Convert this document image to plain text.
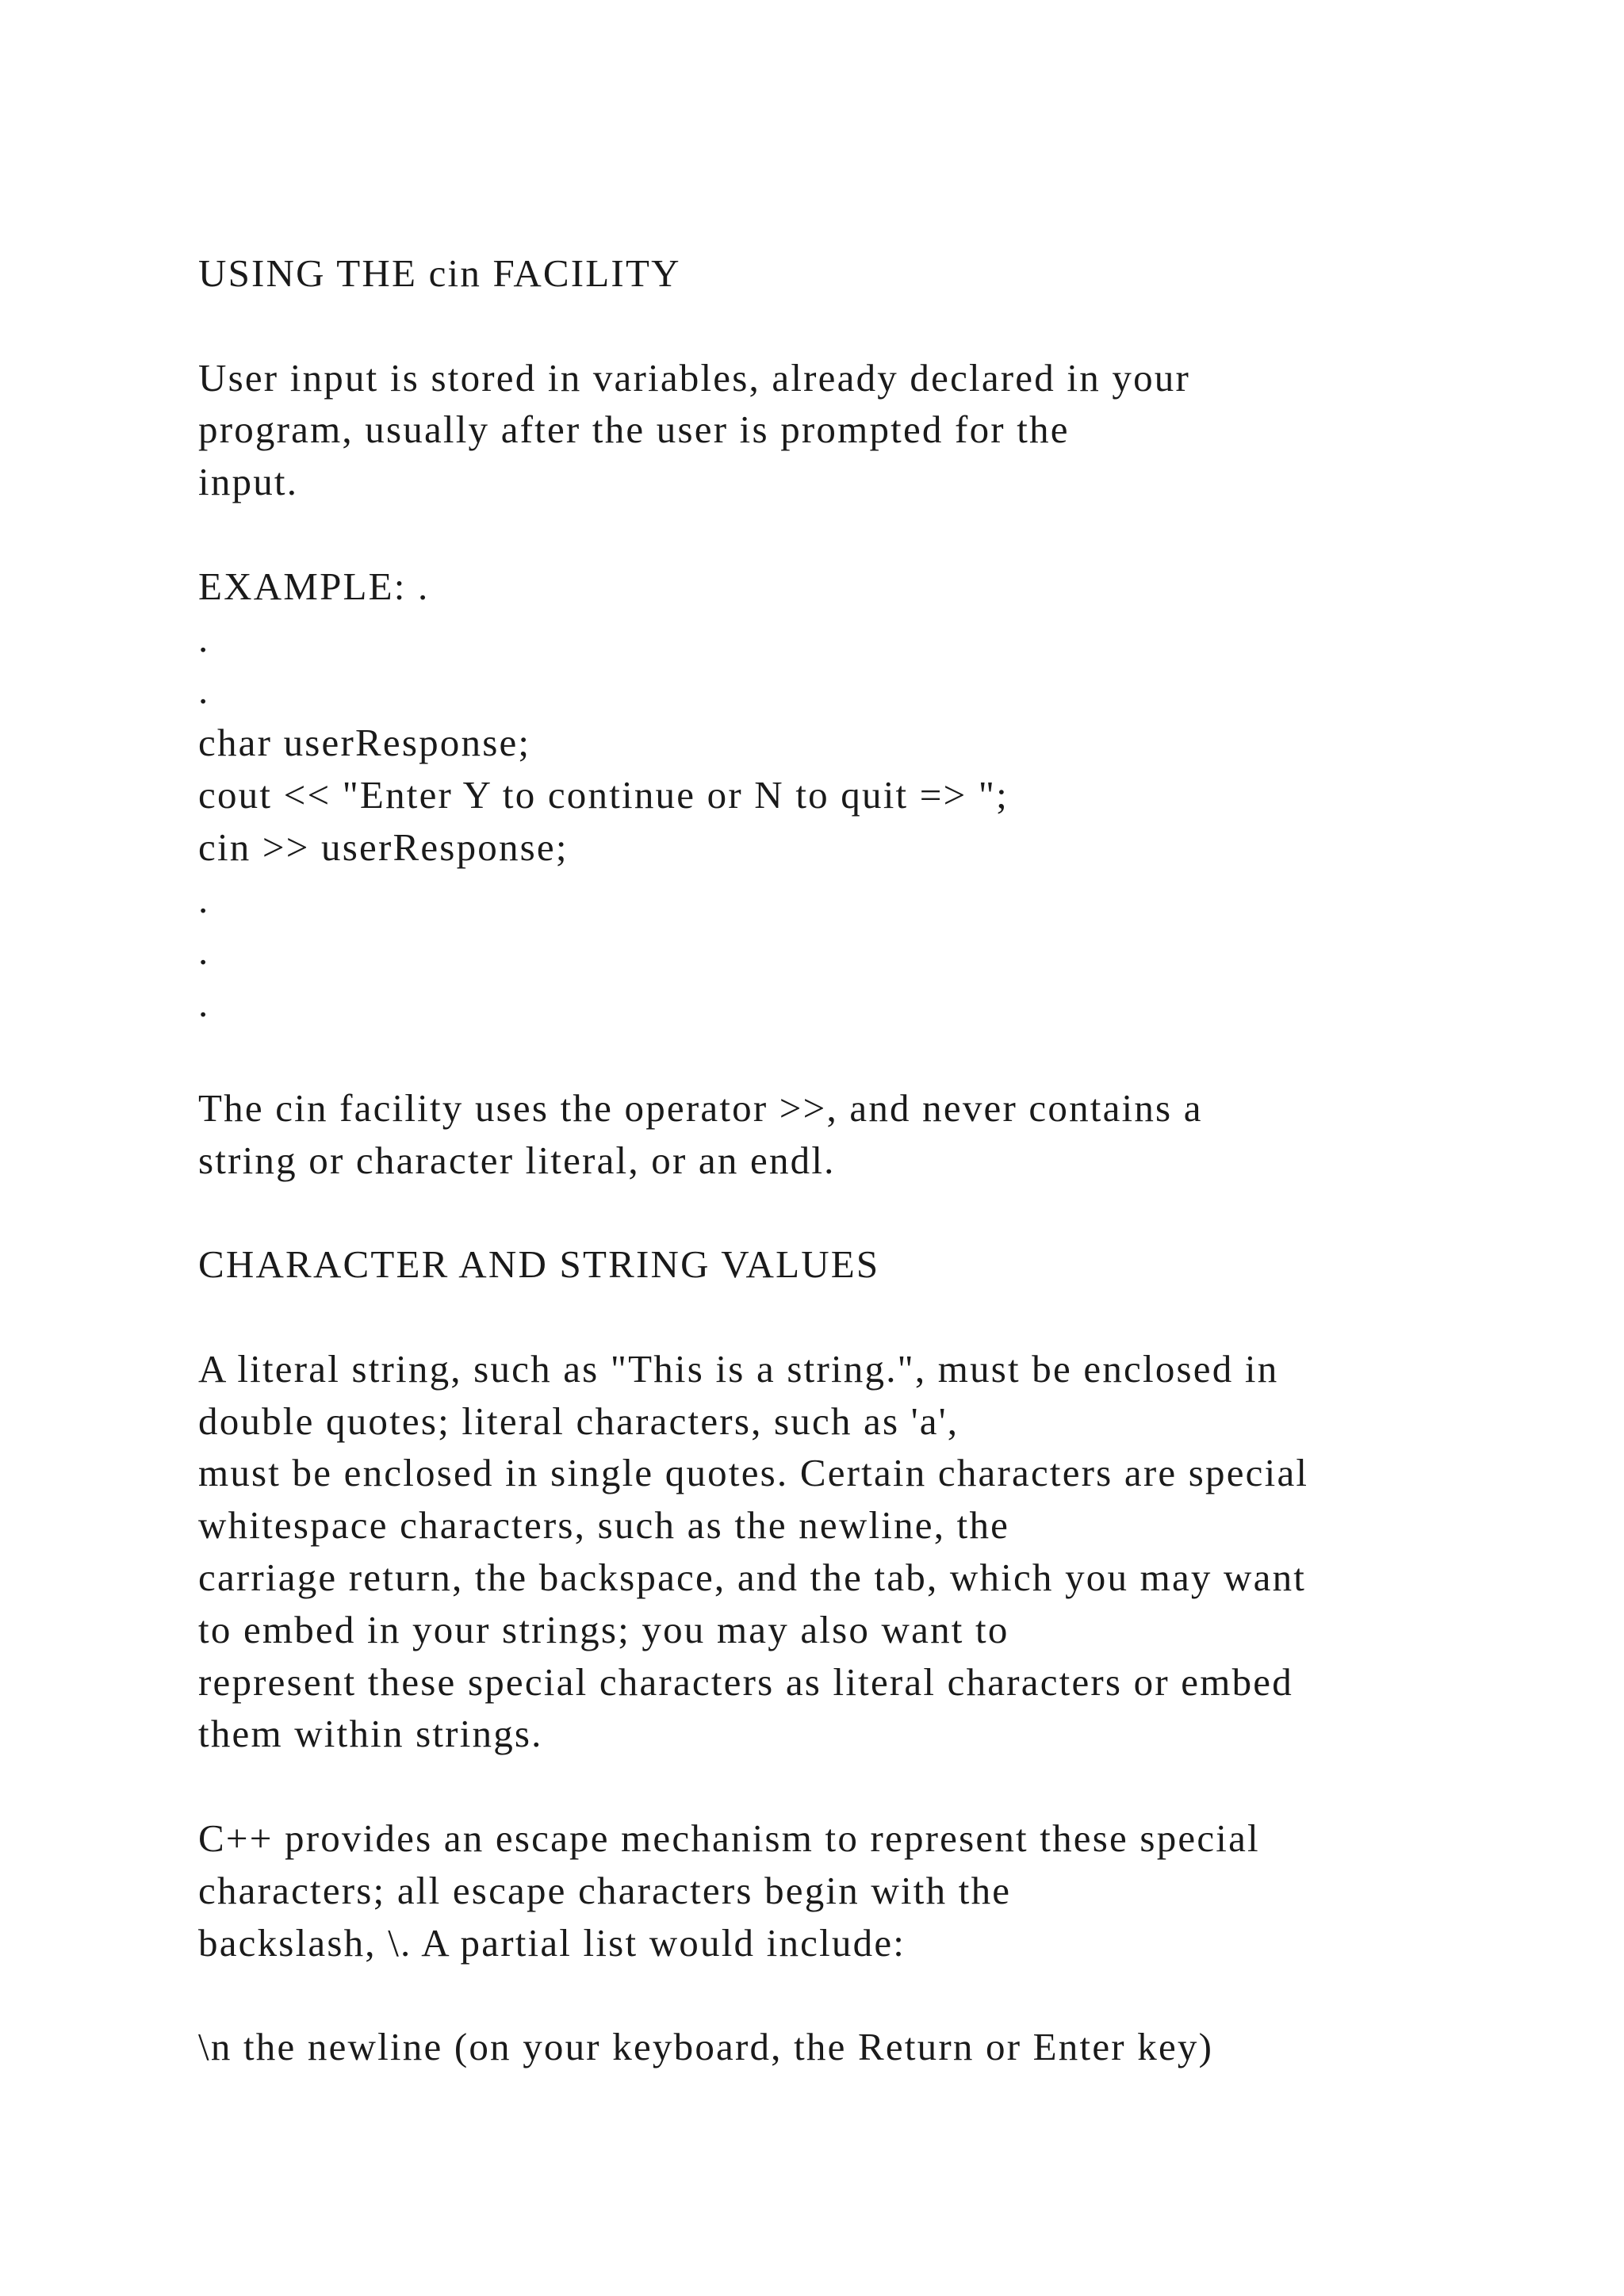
USING THE cin FACILITY
User input is stored in variables, already declared in your
program, usually after the user is prompted for the
input.
EXAMPLE: .
.
.
char userResponse;
cout << "Enter Y to continue or N to quit => ";
cin >> userResponse;
.
.
.
The cin facility uses the operator >>, and never contains a
string or character literal, or an endl.
CHARACTER AND STRING VALUES
A literal string, such as "This is a string.", must be enclosed in
double quotes; literal characters, such as 'a',
must be enclosed in single quotes. Certain characters are special
whitespace characters, such as the newline, the
carriage return, the backspace, and the tab, which you may want
to embed in your strings; you may also want to
represent these special characters as literal characters or embed
them within strings.
C++ provides an escape mechanism to represent these special
characters; all escape characters begin with the
backslash, \. A partial list would include:
\n the newline (on your keyboard, the Return or Enter key)
